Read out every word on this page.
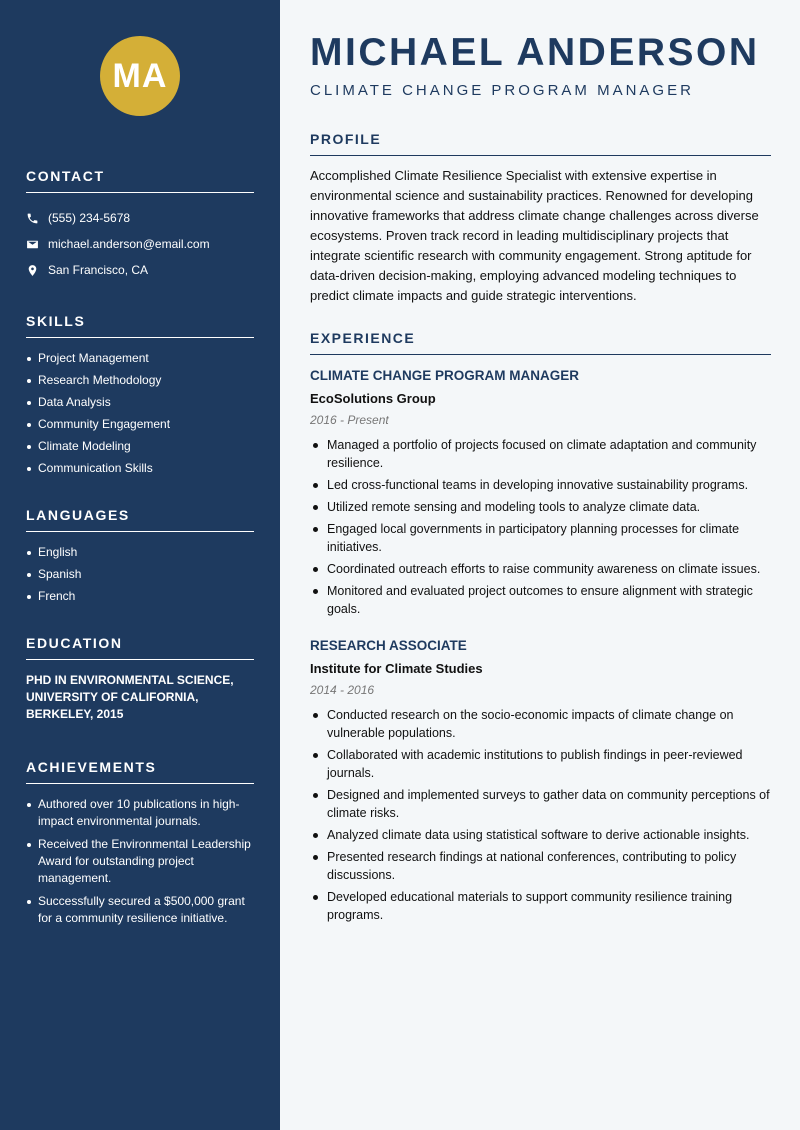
MA
CONTACT
(555) 234-5678
michael.anderson@email.com
San Francisco, CA
SKILLS
Project Management
Research Methodology
Data Analysis
Community Engagement
Climate Modeling
Communication Skills
LANGUAGES
English
Spanish
French
EDUCATION
PHD IN ENVIRONMENTAL SCIENCE, UNIVERSITY OF CALIFORNIA, BERKELEY, 2015
ACHIEVEMENTS
Authored over 10 publications in high-impact environmental journals.
Received the Environmental Leadership Award for outstanding project management.
Successfully secured a $500,000 grant for a community resilience initiative.
MICHAEL ANDERSON
CLIMATE CHANGE PROGRAM MANAGER
PROFILE

Accomplished Climate Resilience Specialist with extensive expertise in environmental science and sustainability practices. Renowned for developing innovative frameworks that address climate change challenges across diverse ecosystems. Proven track record in leading multidisciplinary projects that integrate scientific research with community engagement. Strong aptitude for data-driven decision-making, employing advanced modeling techniques to predict climate impacts and guide strategic interventions.

EXPERIENCE
CLIMATE CHANGE PROGRAM MANAGER
EcoSolutions Group
2016 - Present
Managed a portfolio of projects focused on climate adaptation and community resilience.
Led cross-functional teams in developing innovative sustainability programs.
Utilized remote sensing and modeling tools to analyze climate data.
Engaged local governments in participatory planning processes for climate initiatives.
Coordinated outreach efforts to raise community awareness on climate issues.
Monitored and evaluated project outcomes to ensure alignment with strategic goals.
RESEARCH ASSOCIATE
Institute for Climate Studies
2014 - 2016
Conducted research on the socio-economic impacts of climate change on vulnerable populations.
Collaborated with academic institutions to publish findings in peer-reviewed journals.
Designed and implemented surveys to gather data on community perceptions of climate risks.
Analyzed climate data using statistical software to derive actionable insights.
Presented research findings at national conferences, contributing to policy discussions.
Developed educational materials to support community resilience training programs.
